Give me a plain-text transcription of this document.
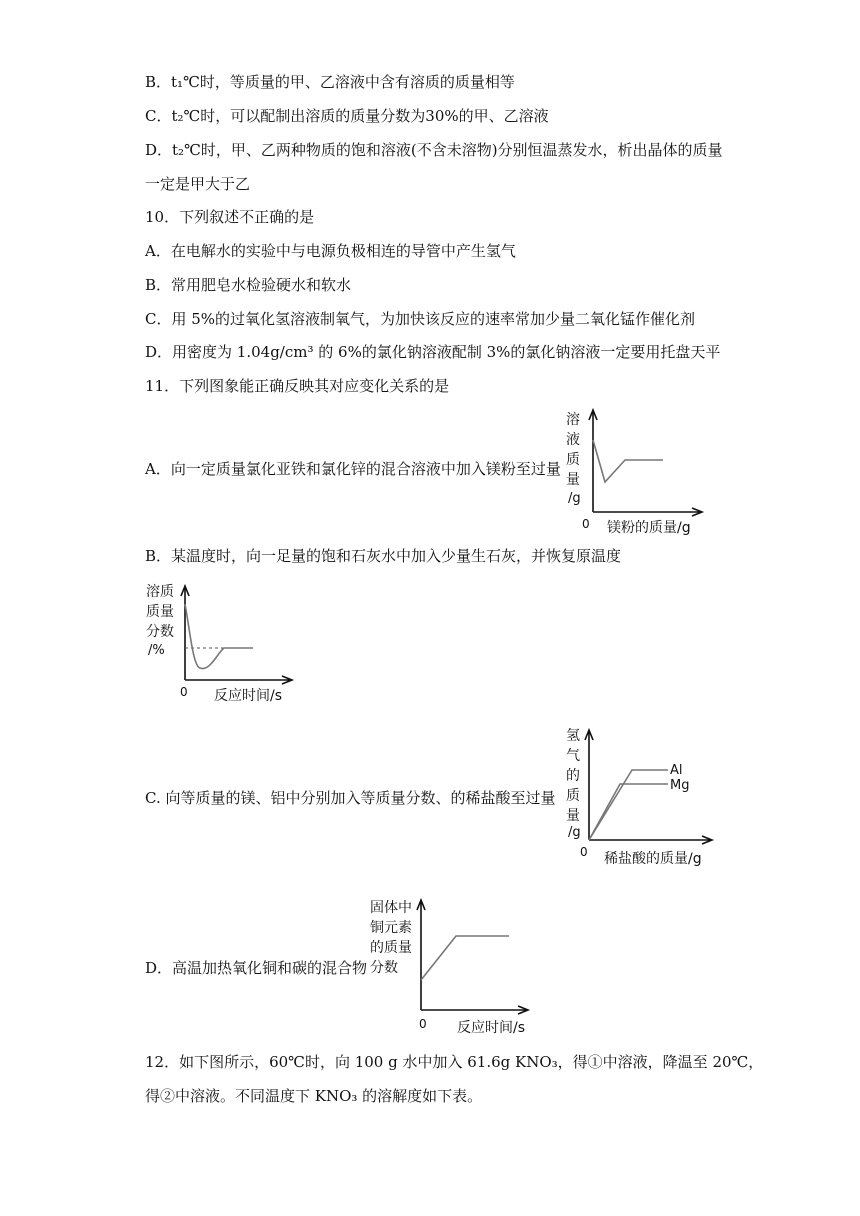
B．t₁℃时，等质量的甲、乙溶液中含有溶质的质量相等
C．t₂℃时，可以配制出溶质的质量分数为30%的甲、乙溶液
D．t₂℃时，甲、乙两种物质的饱和溶液(不含未溶物)分别恒温蒸发水，析出晶体的质量
一定是甲大于乙
10．下列叙述不正确的是
A．在电解水的实验中与电源负极相连的导管中产生氢气
B．常用肥皂水检验硬水和软水
C．用 5%的过氧化氢溶液制氧气，为加快该反应的速率常加少量二氧化锰作催化剂
D．用密度为 1.04g/cm³ 的 6%的氯化钠溶液配制 3%的氯化钠溶液一定要用托盘天平
11．下列图象能正确反映其对应变化关系的是
A．向一定质量氯化亚铁和氯化锌的混合溶液中加入镁粉至过量
B．某温度时，向一足量的饱和石灰水中加入少量生石灰，并恢复原温度
C. 向等质量的镁、铝中分别加入等质量分数、的稀盐酸至过量
D．高温加热氧化铜和碳的混合物
12．如下图所示，60℃时，向 100 g 水中加入 61.6g KNO₃，得①中溶液，降温至 20℃，
得②中溶液。不同温度下 KNO₃ 的溶解度如下表。
溶
液
质
量
/g
0 镁粉的质量/g
溶质
质量
分数
/%
0 反应时间/s
氢
气
的
质
量
/g
Al
Mg
0 稀盐酸的质量/g
固体中
铜元素
的质量
分数
0 反应时间/s
